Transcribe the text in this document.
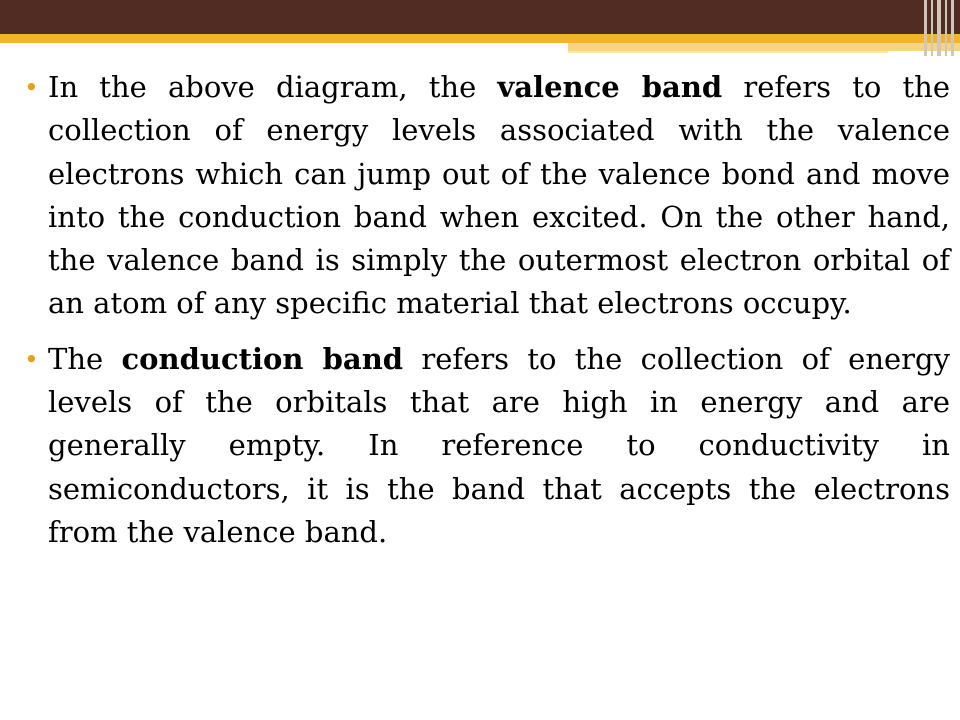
• In the above diagram, the valence band refers to the collection of energy levels associated with the valence electrons which can jump out of the valence bond and move into the conduction band when excited. On the other hand, the valence band is simply the outermost electron orbital of an atom of any specific material that electrons occupy.
• The conduction band refers to the collection of energy levels of the orbitals that are high in energy and are generally empty. In reference to conductivity in semiconductors, it is the band that accepts the electrons from the valence band.
